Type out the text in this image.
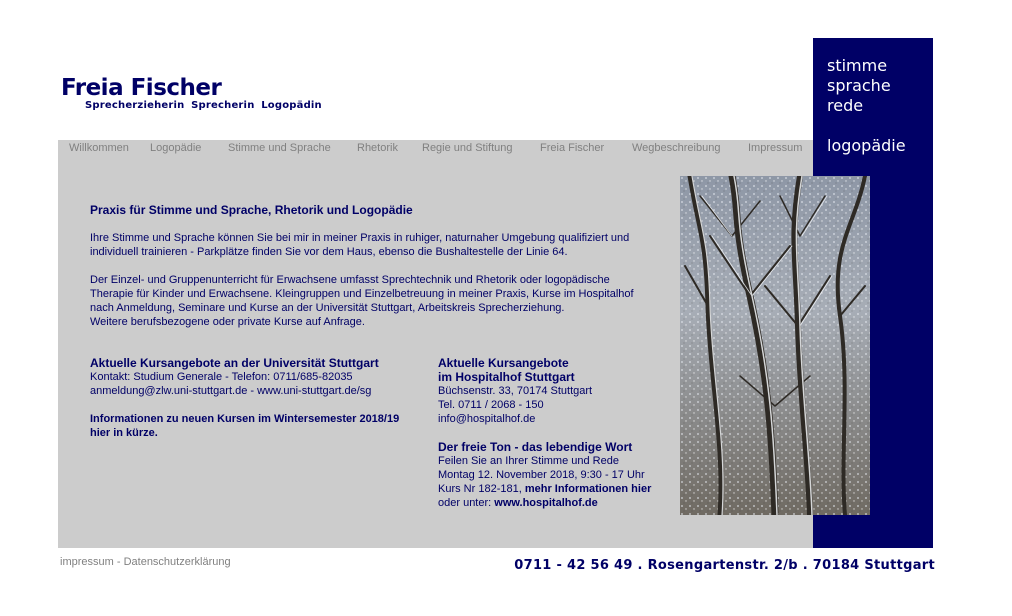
Freia Fischer
Sprecherzieherin Sprecherin Logopädin
stimme
sprache
rede
logopädie
Willkommen Logopädie Stimme und Sprache Rhetorik Regie und Stiftung Freia Fischer	Wegbeschreibung	Impressum
Praxis für Stimme und Sprache, Rhetorik und Logopädie
Ihre Stimme und Sprache können Sie bei mir in meiner Praxis in ruhiger, naturnaher Umgebung qualifiziert und individuell trainieren - Parkplätze finden Sie vor dem Haus, ebenso die Bushaltestelle der Linie 64.
Der Einzel- und Gruppenunterricht für Erwachsene umfasst Sprechtechnik und Rhetorik oder logopädische Therapie für Kinder und Erwachsene. Kleingruppen und Einzelbetreuung in meiner Praxis, Kurse im Hospitalhof nach Anmeldung, Seminare und Kurse an der Universität Stuttgart, Arbeitskreis Sprecherziehung.
Weitere berufsbezogene oder private Kurse auf Anfrage.
Aktuelle Kursangebote an der Universität Stuttgart
Kontakt: Studium Generale - Telefon: 0711/685-82035
anmeldung@zlw.uni-stuttgart.de - www.uni-stuttgart.de/sg
Informationen zu neuen Kursen im Wintersemester 2018/19
hier in kürze.
Aktuelle Kursangebote
im Hospitalhof Stuttgart
Büchsenstr. 33, 70174 Stuttgart
Tel. 0711 / 2068 - 150
info@hospitalhof.de
Der freie Ton - das lebendige Wort
Feilen Sie an Ihrer Stimme und Rede
Montag 12. November 2018, 9:30 - 17 Uhr
Kurs Nr 182-181, mehr Informationen hier
oder unter: www.hospitalhof.de
impressum - Datenschutzerklärung	0711 - 42 56 49 . Rosengartenstr. 2/b . 70184 Stuttgart
